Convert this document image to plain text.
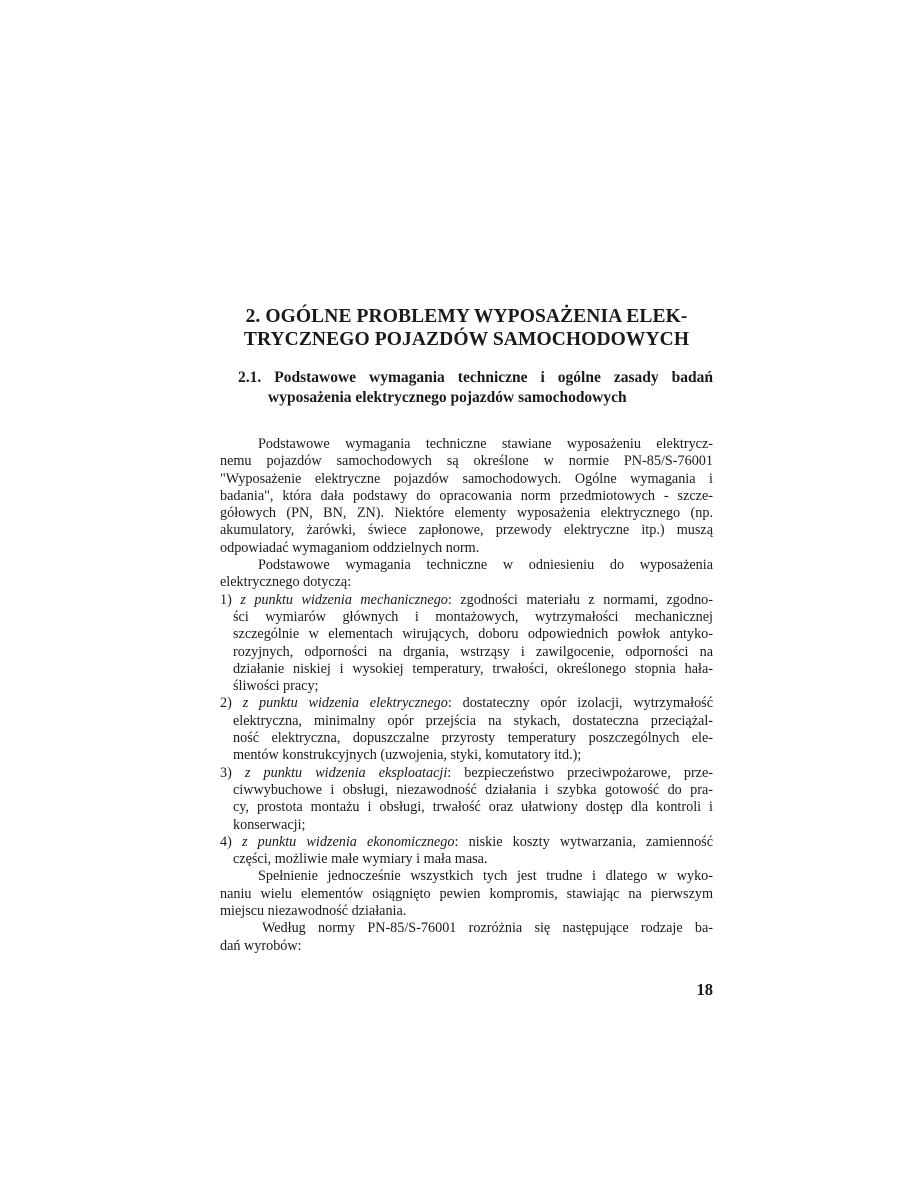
2. OGÓLNE PROBLEMY WYPOSAŻENIA ELEK-
TRYCZNEGO POJAZDÓW SAMOCHODOWYCH
2.1. Podstawowe wymagania techniczne i ogólne zasady badań
wyposażenia elektrycznego pojazdów samochodowych
Podstawowe wymagania techniczne stawiane wyposażeniu elektrycz-
nemu pojazdów samochodowych są określone w normie PN-85/S-76001
"Wyposażenie elektryczne pojazdów samochodowych. Ogólne wymagania i
badania", która dała podstawy do opracowania norm przedmiotowych - szcze-
gółowych (PN, BN, ZN). Niektóre elementy wyposażenia elektrycznego (np.
akumulatory, żarówki, świece zapłonowe, przewody elektryczne itp.) muszą
odpowiadać wymaganiom oddzielnych norm.
Podstawowe wymagania techniczne w odniesieniu do wyposażenia
elektrycznego dotyczą:
1) z punktu widzenia mechanicznego: zgodności materiału z normami, zgodno-
ści wymiarów głównych i montażowych, wytrzymałości mechanicznej
szczególnie w elementach wirujących, doboru odpowiednich powłok antyko-
rozyjnych, odporności na drgania, wstrząsy i zawilgocenie, odporności na
działanie niskiej i wysokiej temperatury, trwałości, określonego stopnia hała-
śliwości pracy;
2) z punktu widzenia elektrycznego: dostateczny opór izolacji, wytrzymałość
elektryczna, minimalny opór przejścia na stykach, dostateczna przeciążal-
ność elektryczna, dopuszczalne przyrosty temperatury poszczególnych ele-
mentów konstrukcyjnych (uzwojenia, styki, komutatory itd.);
3) z punktu widzenia eksploatacji: bezpieczeństwo przeciwpożarowe, prze-
ciwwybuchowe i obsługi, niezawodność działania i szybka gotowość do pra-
cy, prostota montażu i obsługi, trwałość oraz ułatwiony dostęp dla kontroli i
konserwacji;
4) z punktu widzenia ekonomicznego: niskie koszty wytwarzania, zamienność
części, możliwie małe wymiary i mała masa.
Spełnienie jednocześnie wszystkich tych jest trudne i dlatego w wyko-
naniu wielu elementów osiągnięto pewien kompromis, stawiając na pierwszym
miejscu niezawodność działania.
Według normy PN-85/S-76001 rozróżnia się następujące rodzaje ba-
dań wyrobów:
18
